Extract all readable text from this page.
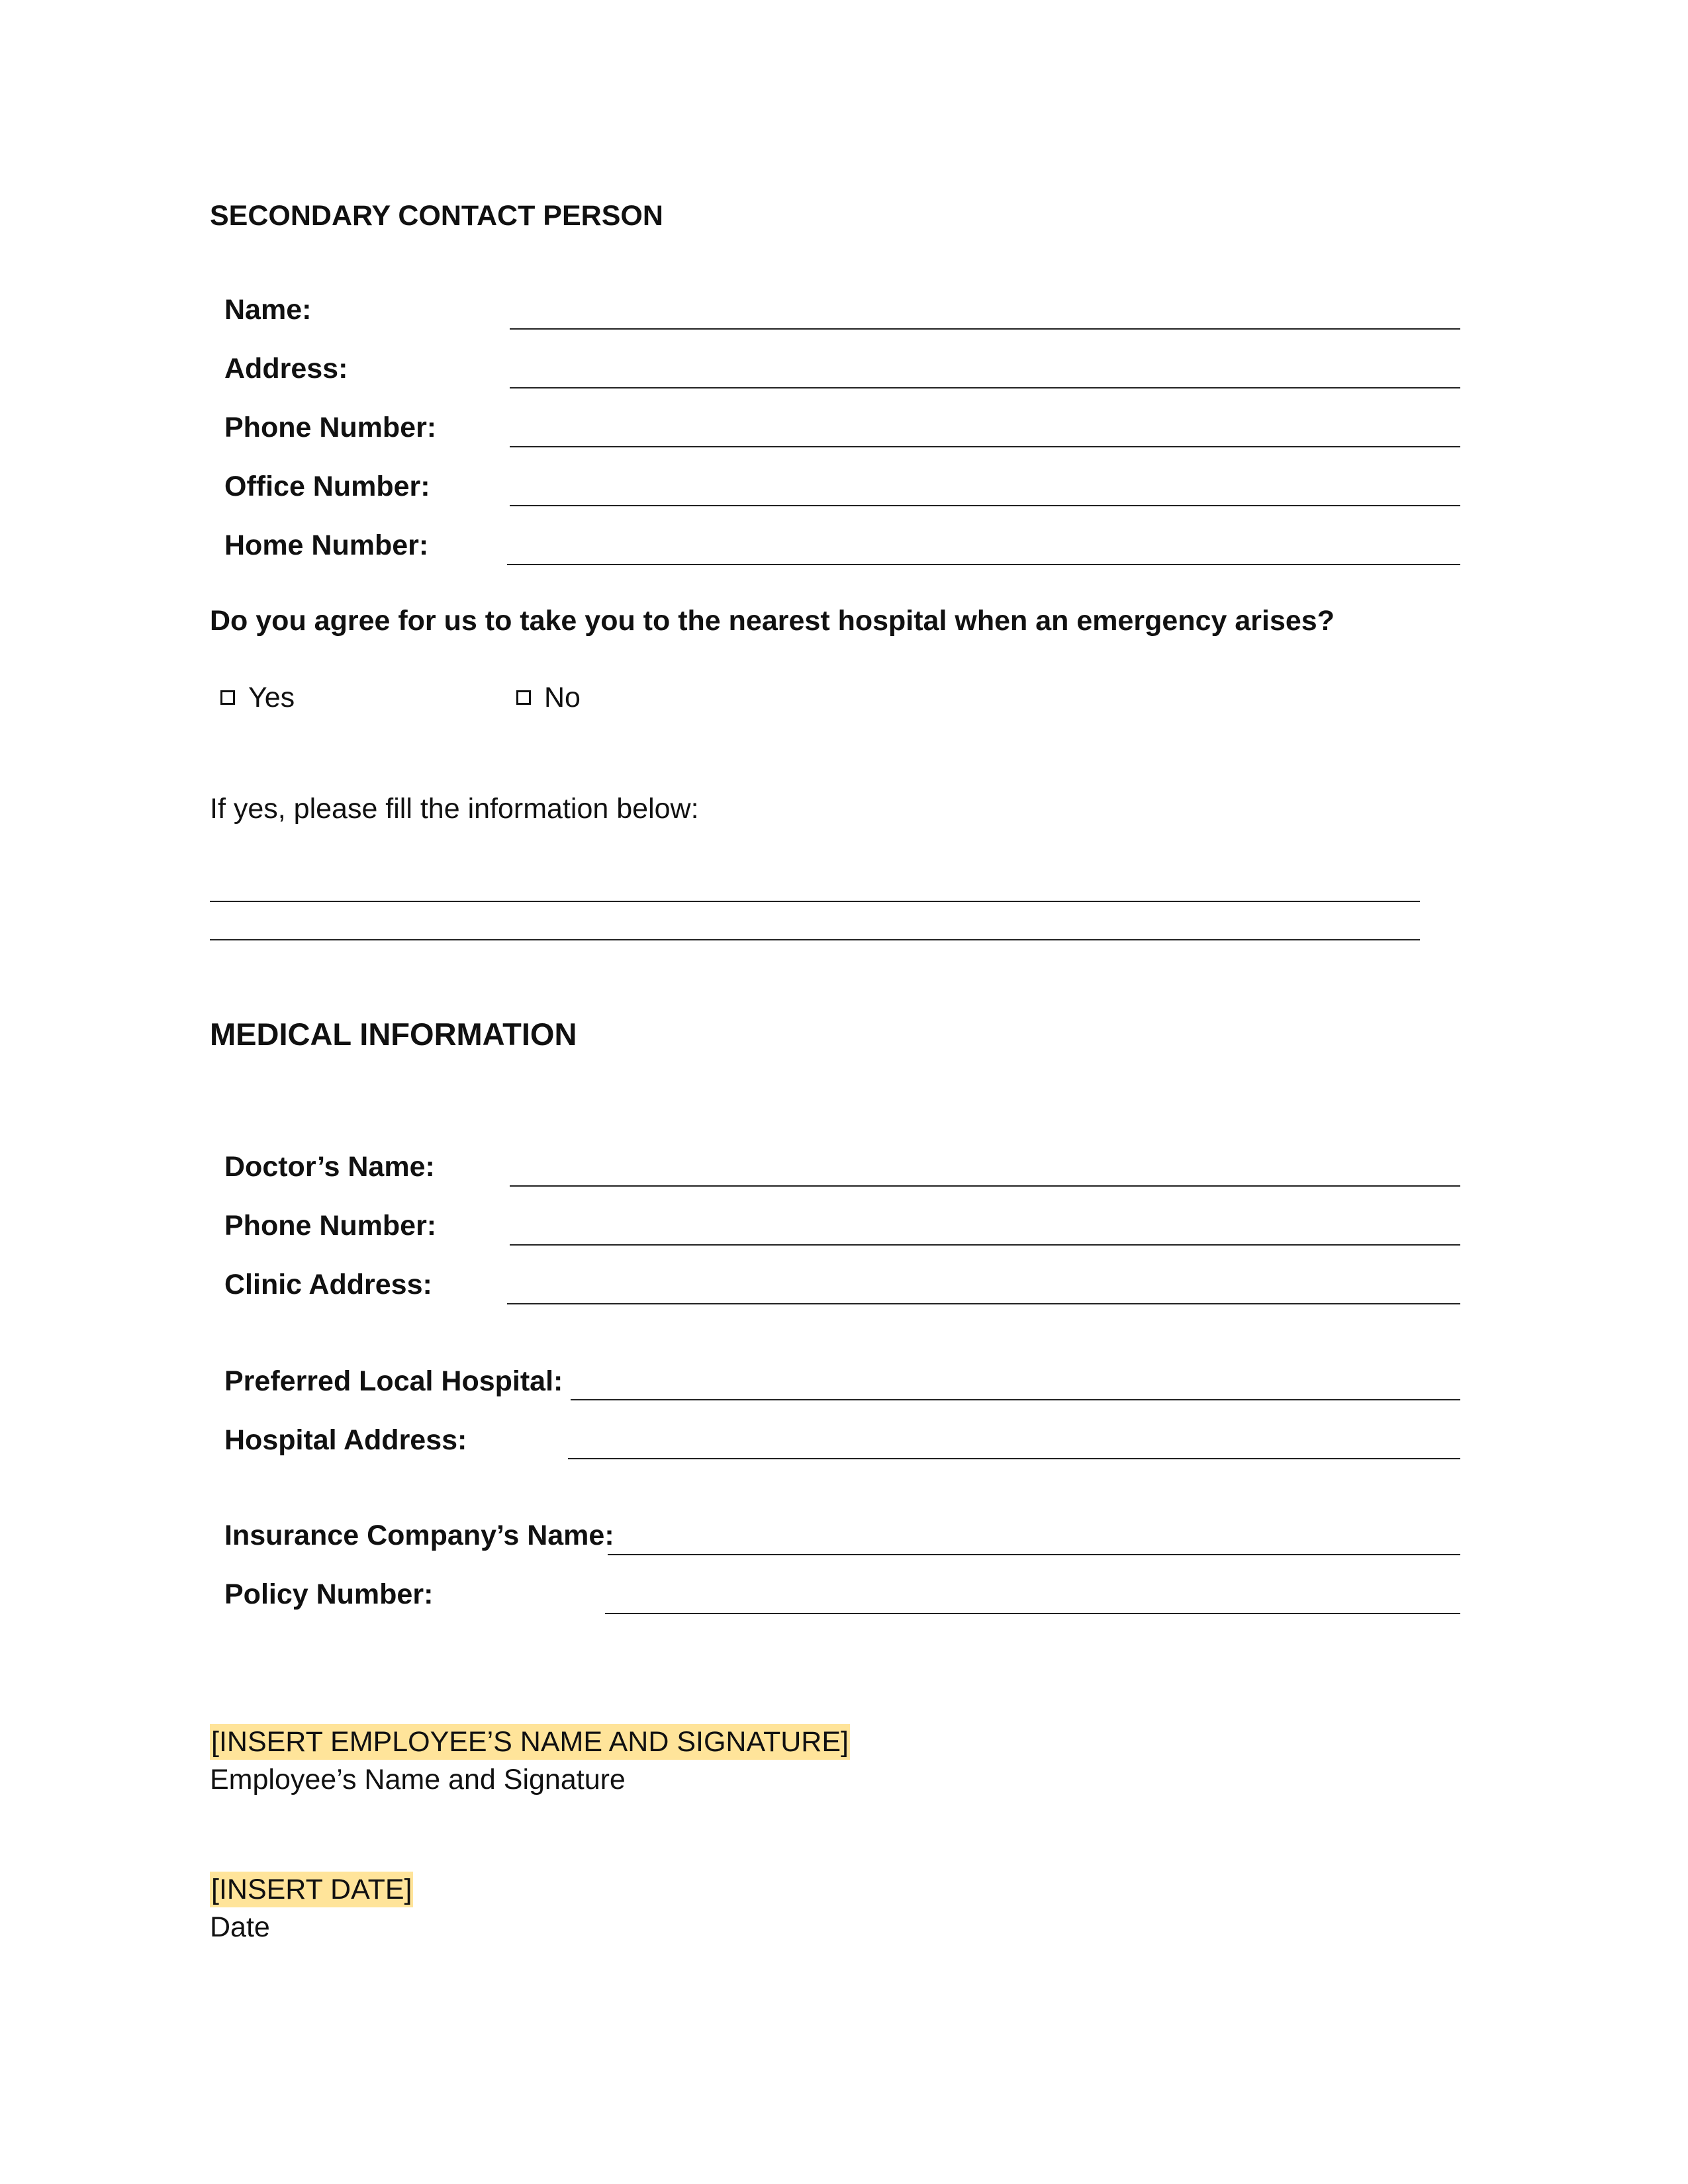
SECONDARY CONTACT PERSON
Name:
Address:
Phone Number:
Office Number:
Home Number:
Do you agree for us to take you to the nearest hospital when an emergency arises?
Yes	No
If yes, please fill the information below:
MEDICAL INFORMATION
Doctor’s Name:
Phone Number:
Clinic Address:
Preferred Local Hospital:
Hospital Address:
Insurance Company’s Name:
Policy Number:
[INSERT EMPLOYEE’S NAME AND SIGNATURE]
Employee’s Name and Signature
[INSERT DATE]
Date
